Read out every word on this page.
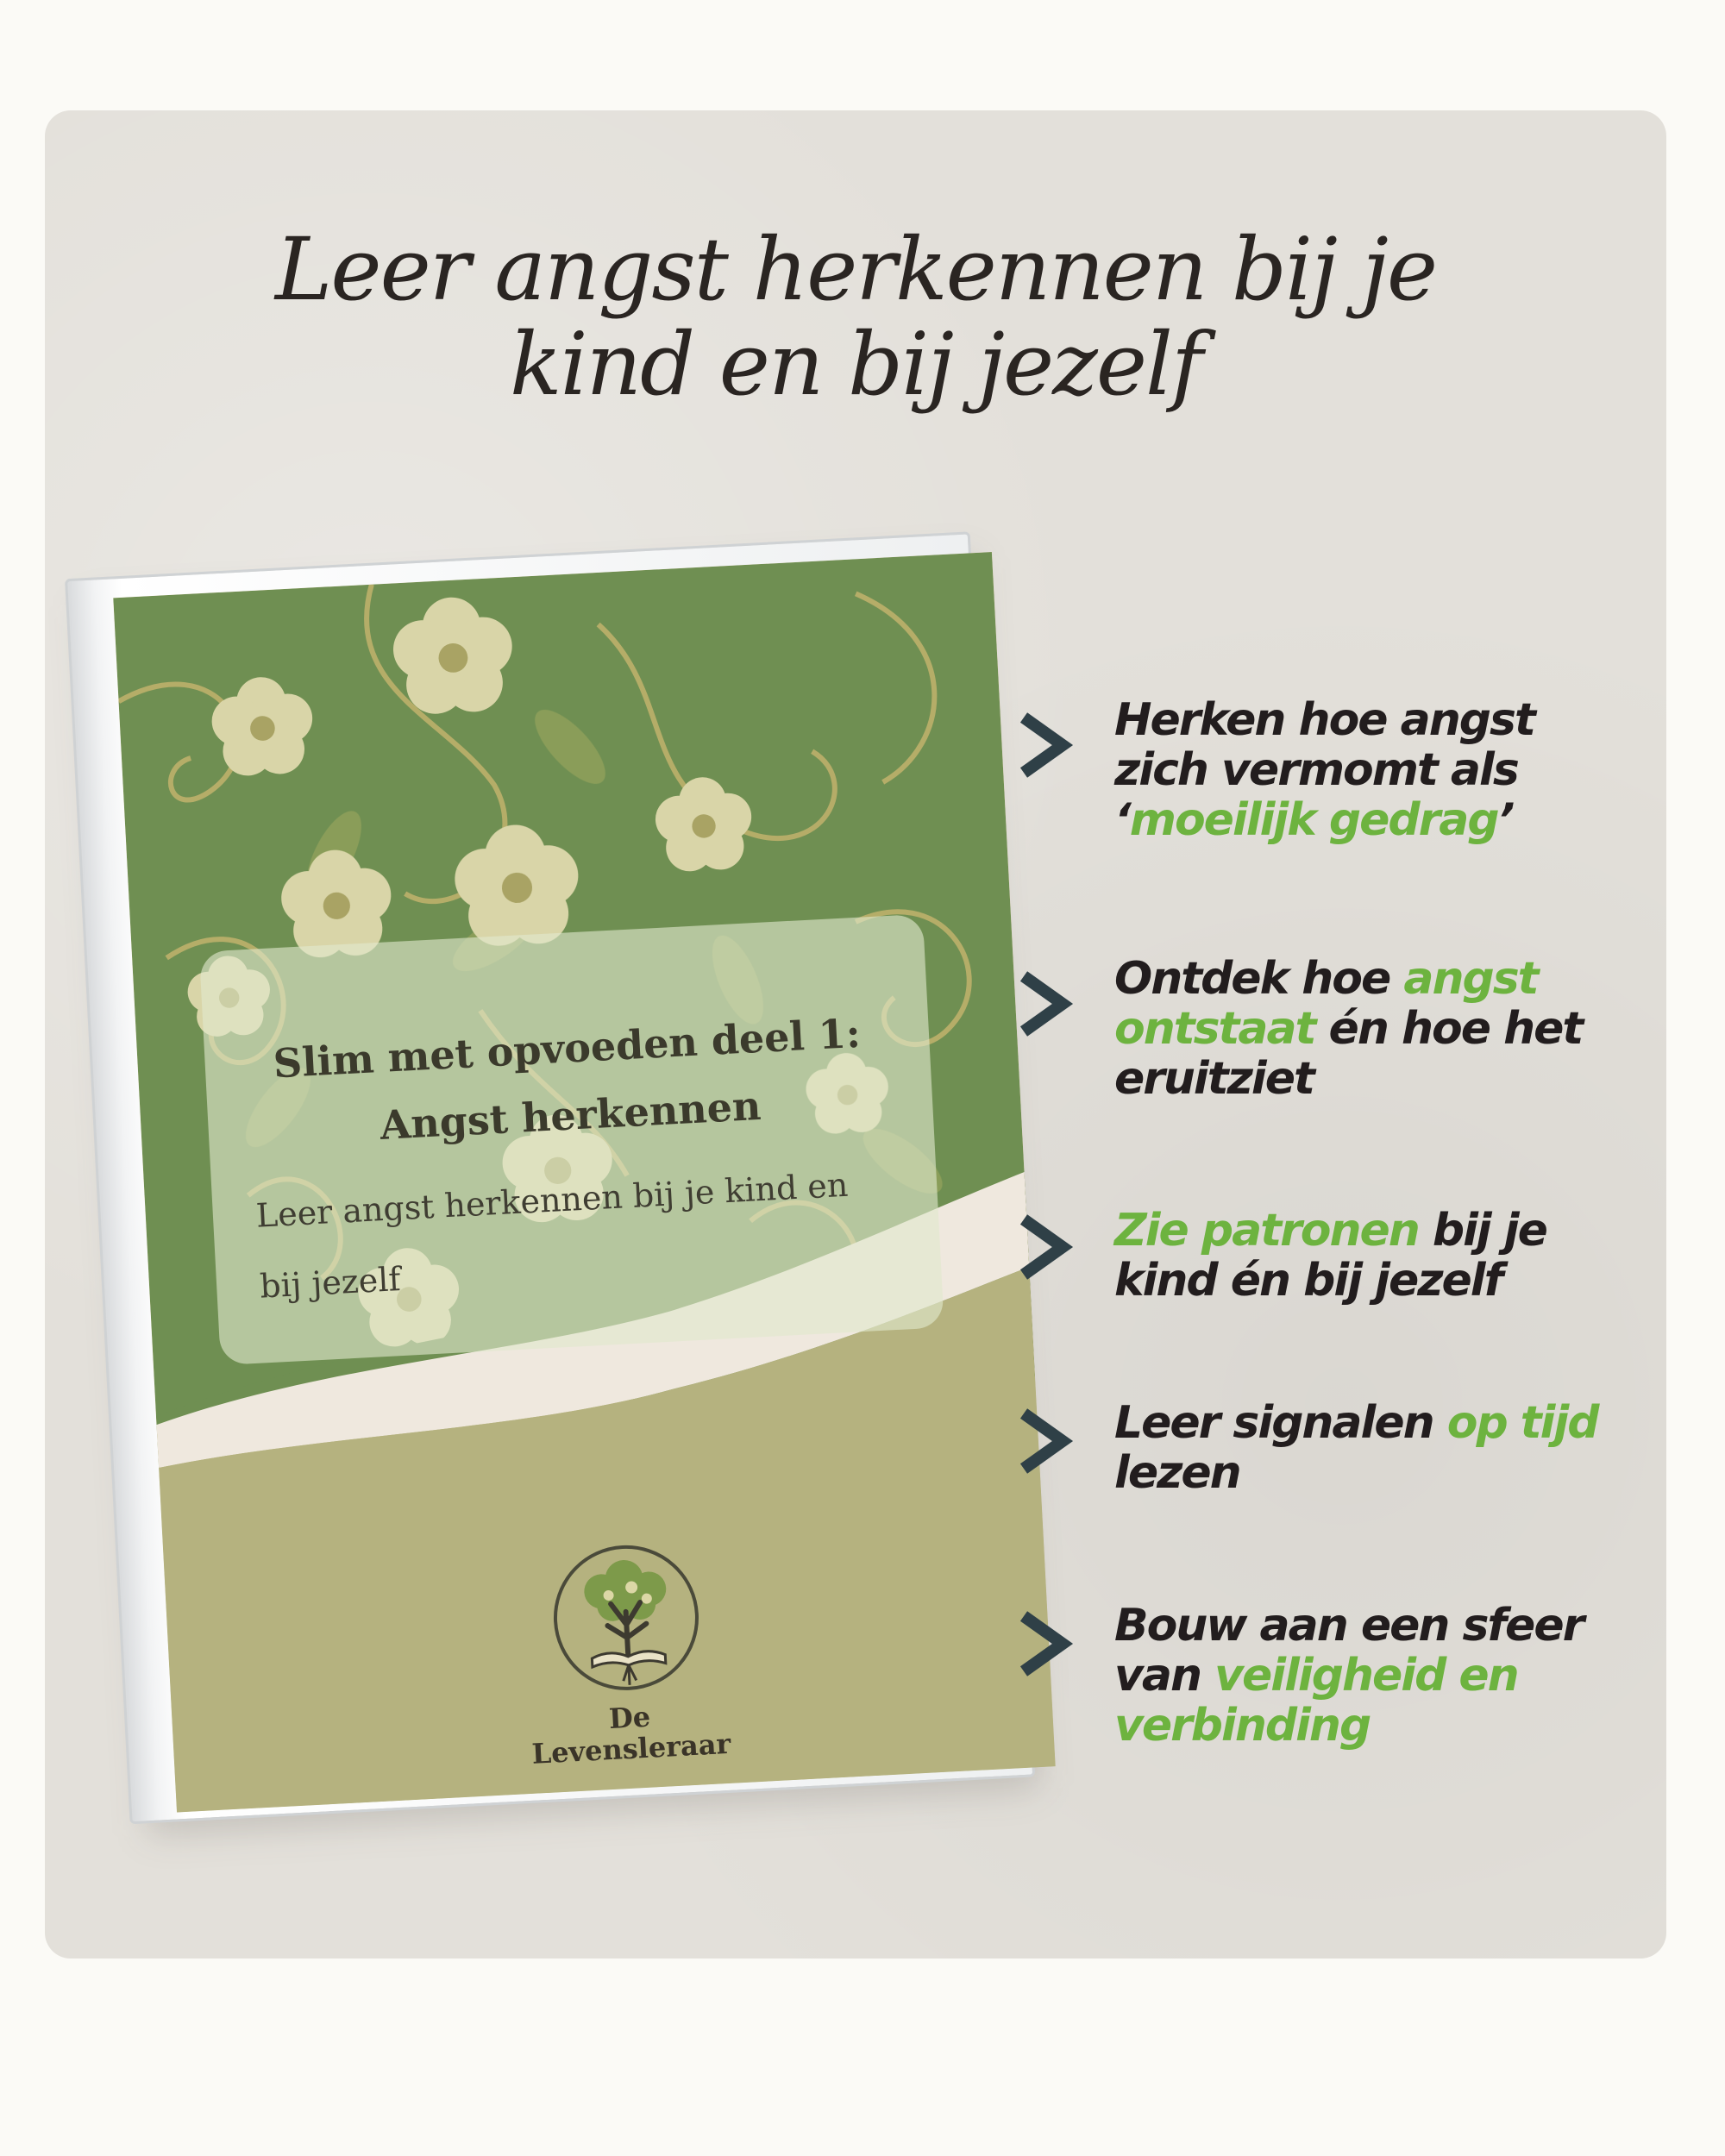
Leer angst herkennen bij je
kind en bij jezelf
Slim met opvoeden deel 1:
Angst herkennen
Leer angst herkennen bij je kind en
bij jezelf
De
Levensleraar
Herken hoe angst
zich vermomt als
‘moeilijk gedrag’
Ontdek hoe angst
ontstaat én hoe het
eruitziet
Zie patronen bij je
kind én bij jezelf
Leer signalen op tijd
lezen
Bouw aan een sfeer
van veiligheid en
verbinding
